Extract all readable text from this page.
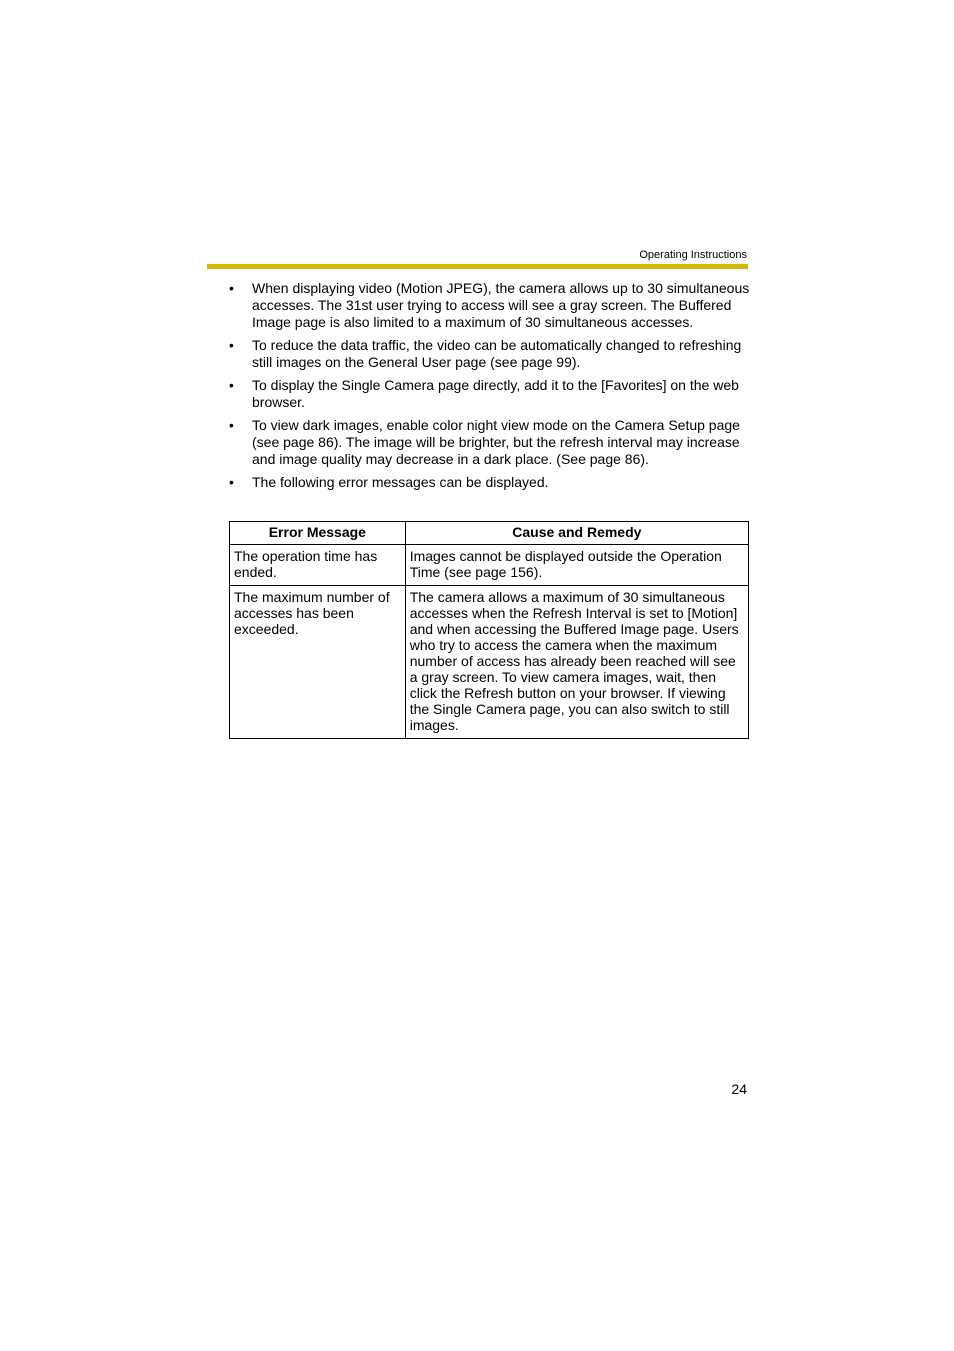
Operating Instructions
• When displaying video (Motion JPEG), the camera allows up to 30 simultaneous accesses. The 31st user trying to access will see a gray screen. The Buffered Image page is also limited to a maximum of 30 simultaneous accesses.
• To reduce the data traffic, the video can be automatically changed to refreshing still images on the General User page (see page 99).
• To display the Single Camera page directly, add it to the [Favorites] on the web browser.
• To view dark images, enable color night view mode on the Camera Setup page (see page 86). The image will be brighter, but the refresh interval may increase and image quality may decrease in a dark place. (See page 86).
• The following error messages can be displayed.
Error Message	Cause and Remedy
The operation time has ended.	Images cannot be displayed outside the Operation Time (see page 156).
The maximum number of accesses has been exceeded.	The camera allows a maximum of 30 simultaneous accesses when the Refresh Interval is set to [Motion] and when accessing the Buffered Image page. Users who try to access the camera when the maximum number of access has already been reached will see a gray screen. To view camera images, wait, then click the Refresh button on your browser. If viewing the Single Camera page, you can also switch to still images.
24
